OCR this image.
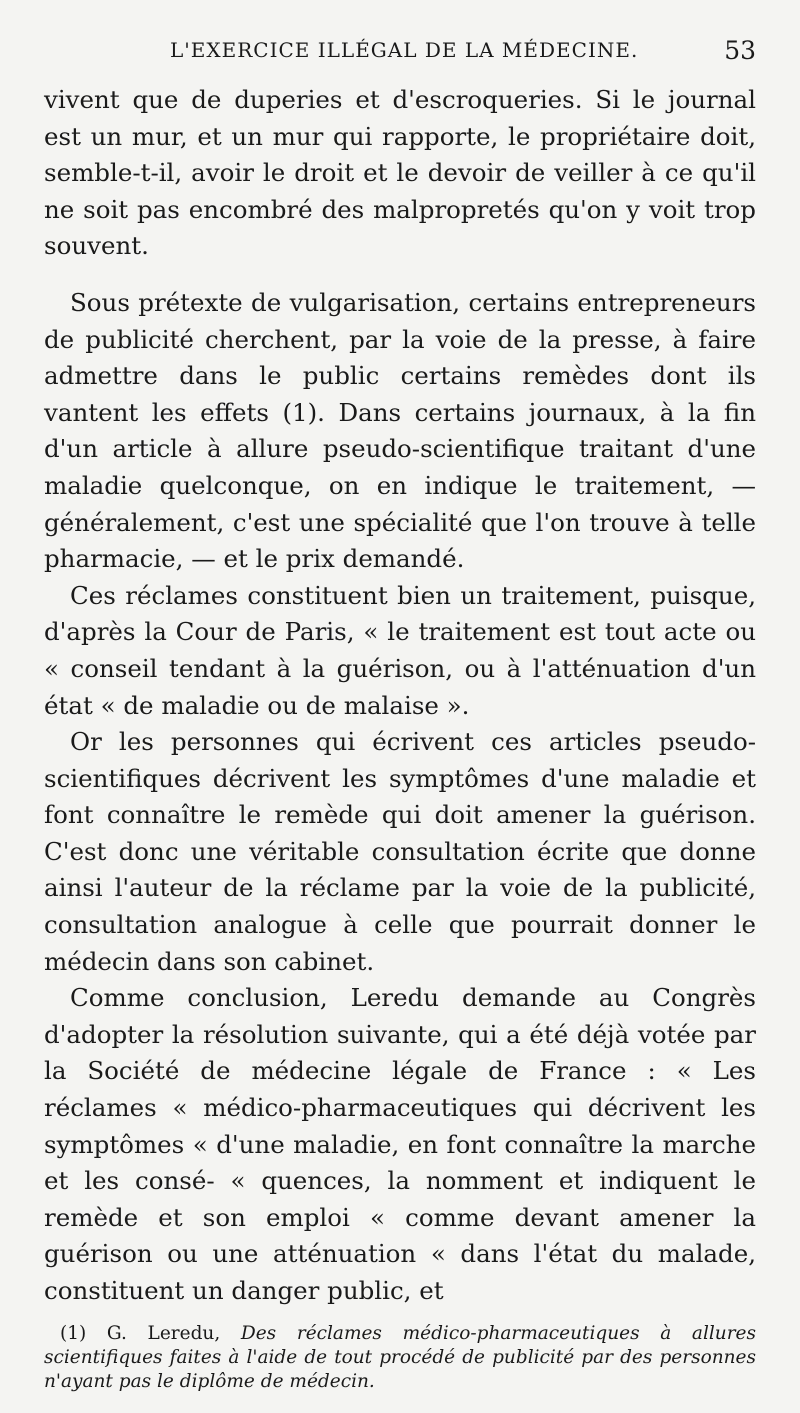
L'EXERCICE ILLÉGAL DE LA MÉDECINE.	53

vivent que de duperies et d'escroqueries. Si le journal est un mur, et un mur qui rapporte, le propriétaire doit, semble-t-il, avoir le droit et le devoir de veiller à ce qu'il ne soit pas encombré des malpropretés qu'on y voit trop souvent.

Sous prétexte de vulgarisation, certains entrepreneurs de publicité cherchent, par la voie de la presse, à faire admettre dans le public certains remèdes dont ils vantent les effets (1). Dans certains journaux, à la fin d'un article à allure pseudo-scientifique traitant d'une maladie quelconque, on en indique le traitement, — généralement, c'est une spécialité que l'on trouve à telle pharmacie, — et le prix demandé.

Ces réclames constituent bien un traitement, puisque, d'après la Cour de Paris, « le traitement est tout acte ou « conseil tendant à la guérison, ou à l'atténuation d'un état « de maladie ou de malaise ».

Or les personnes qui écrivent ces articles pseudo-scientifiques décrivent les symptômes d'une maladie et font connaître le remède qui doit amener la guérison. C'est donc une véritable consultation écrite que donne ainsi l'auteur de la réclame par la voie de la publicité, consultation analogue à celle que pourrait donner le médecin dans son cabinet.

Comme conclusion, Leredu demande au Congrès d'adopter la résolution suivante, qui a été déjà votée par la Société de médecine légale de France : « Les réclames « médico-pharmaceutiques qui décrivent les symptômes « d'une maladie, en font connaître la marche et les consé- « quences, la nomment et indiquent le remède et son emploi « comme devant amener la guérison ou une atténuation « dans l'état du malade, constituent un danger public, et

(1) G. Leredu, Des réclames médico-pharmaceutiques à allures scientifiques faites à l'aide de tout procédé de publicité par des personnes n'ayant pas le diplôme de médecin.
